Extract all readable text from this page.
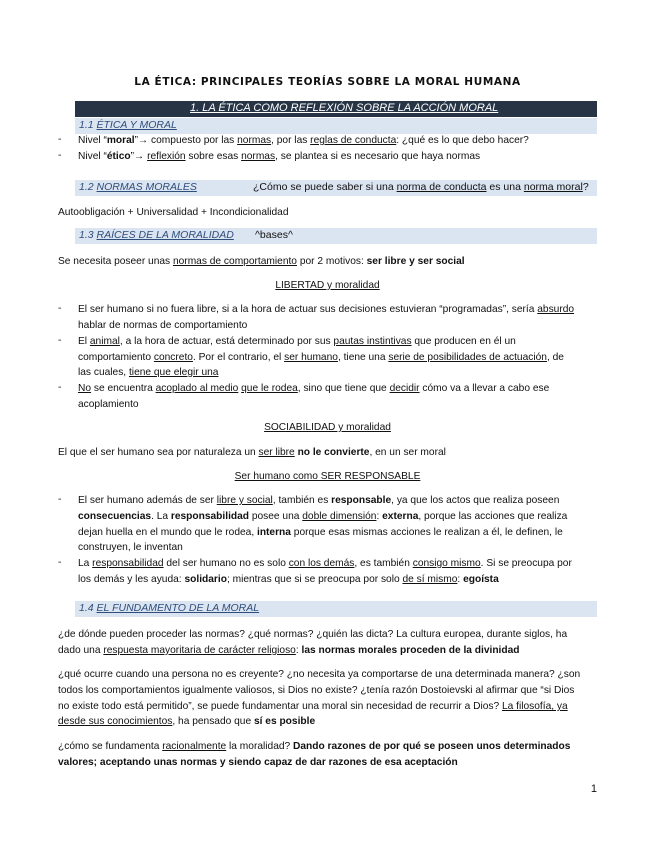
LA ÉTICA: PRINCIPALES TEORÍAS SOBRE LA MORAL HUMANA
1. LA ÉTICA COMO REFLEXIÓN SOBRE LA ACCIÓN MORAL
1.1 ÉTICA Y MORAL
- Nivel “moral”→ compuesto por las normas, por las reglas de conducta: ¿qué es lo que debo hacer?
- Nivel “ético”→ reflexión sobre esas normas, se plantea si es necesario que haya normas
1.2 NORMAS MORALES	¿Cómo se puede saber si una norma de conducta es una norma moral?
Autoobligación + Universalidad + Incondicionalidad
1.3 RAÍCES DE LA MORALIDAD ^bases^
Se necesita poseer unas normas de comportamiento por 2 motivos: ser libre y ser social
LIBERTAD y moralidad
- El ser humano si no fuera libre, si a la hora de actuar sus decisiones estuvieran “programadas”, sería absurdo
hablar de normas de comportamiento
- El animal, a la hora de actuar, está determinado por sus pautas instintivas que producen en él un
comportamiento concreto. Por el contrario, el ser humano, tiene una serie de posibilidades de actuación, de
las cuales, tiene que elegir una
- No se encuentra acoplado al medio que le rodea, sino que tiene que decidir cómo va a llevar a cabo ese
acoplamiento
SOCIABILIDAD y moralidad
El que el ser humano sea por naturaleza un ser libre no le convierte, en un ser moral
Ser humano como SER RESPONSABLE
- El ser humano además de ser libre y social, también es responsable, ya que los actos que realiza poseen
consecuencias. La responsabilidad posee una doble dimensión: externa, porque las acciones que realiza
dejan huella en el mundo que le rodea, interna porque esas mismas acciones le realizan a él, le definen, le
construyen, le inventan
- La responsabilidad del ser humano no es solo con los demás, es también consigo mismo. Si se preocupa por
los demás y les ayuda: solidario; mientras que si se preocupa por solo de sí mismo: egoísta
1.4 EL FUNDAMENTO DE LA MORAL
¿de dónde pueden proceder las normas? ¿qué normas? ¿quién las dicta? La cultura europea, durante siglos, ha
dado una respuesta mayoritaria de carácter religioso: las normas morales proceden de la divinidad
¿qué ocurre cuando una persona no es creyente? ¿no necesita ya comportarse de una determinada manera? ¿son
todos los comportamientos igualmente valiosos, si Dios no existe? ¿tenía razón Dostoievski al afirmar que “si Dios
no existe todo está permitido”, se puede fundamentar una moral sin necesidad de recurrir a Dios? La filosofía, ya
desde sus conocimientos, ha pensado que sí es posible
¿cómo se fundamenta racionalmente la moralidad? Dando razones de por qué se poseen unos determinados
valores; aceptando unas normas y siendo capaz de dar razones de esa aceptación
1
